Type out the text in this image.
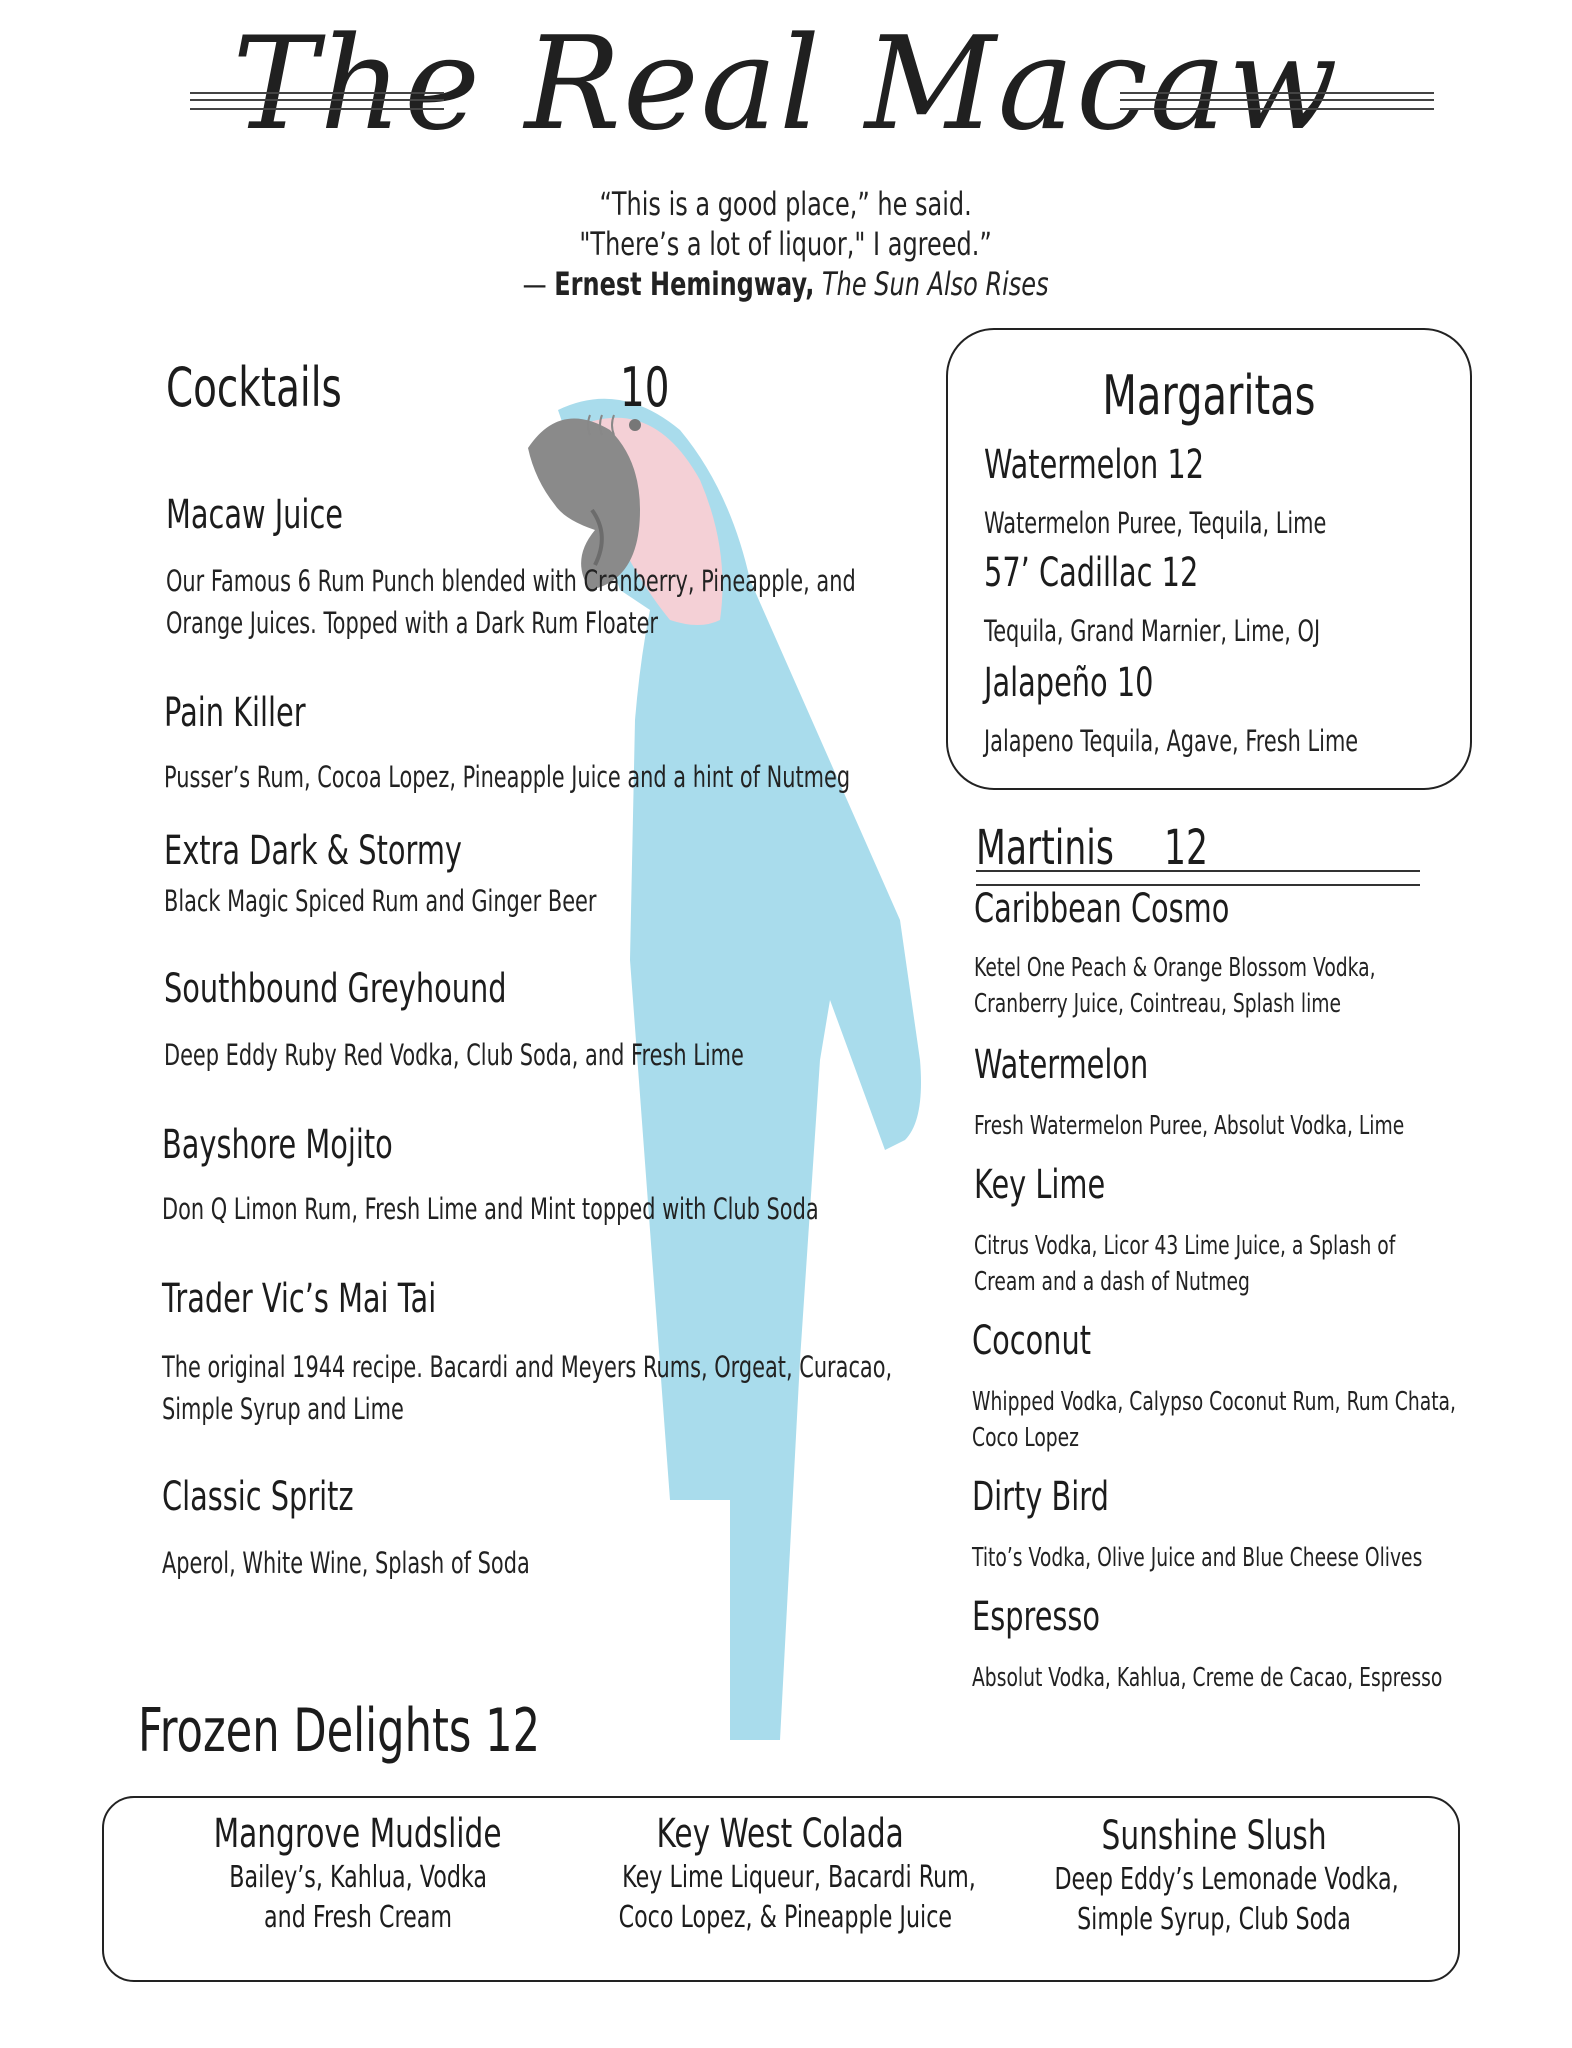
The Real Macaw
“This is a good place,” he said.
"There’s a lot of liquor," I agreed.”
— Ernest Hemingway, The Sun Also Rises
Cocktails	10
Macaw Juice
Our Famous 6 Rum Punch blended with Cranberry, Pineapple, and
Orange Juices. Topped with a Dark Rum Floater
Pain Killer
Pusser’s Rum, Cocoa Lopez, Pineapple Juice and a hint of Nutmeg
Extra Dark & Stormy
Black Magic Spiced Rum and Ginger Beer
Southbound Greyhound
Deep Eddy Ruby Red Vodka, Club Soda, and Fresh Lime
Bayshore Mojito
Don Q Limon Rum, Fresh Lime and Mint topped with Club Soda
Trader Vic’s Mai Tai
The original 1944 recipe. Bacardi and Meyers Rums, Orgeat, Curacao,
Simple Syrup and Lime
Classic Spritz
Aperol, White Wine, Splash of Soda
Margaritas
Watermelon 12
Watermelon Puree, Tequila, Lime
57’ Cadillac 12
Tequila, Grand Marnier, Lime, OJ
Jalapeño 10
Jalapeno Tequila, Agave, Fresh Lime
Martinis 12
Caribbean Cosmo
Ketel One Peach & Orange Blossom Vodka,
Cranberry Juice, Cointreau, Splash lime
Watermelon
Fresh Watermelon Puree, Absolut Vodka, Lime
Key Lime
Citrus Vodka, Licor 43 Lime Juice, a Splash of
Cream and a dash of Nutmeg
Coconut
Whipped Vodka, Calypso Coconut Rum, Rum Chata,
Coco Lopez
Dirty Bird
Tito’s Vodka, Olive Juice and Blue Cheese Olives
Espresso
Absolut Vodka, Kahlua, Creme de Cacao, Espresso
Frozen Delights 12
Mangrove Mudslide
Bailey’s, Kahlua, Vodka
and Fresh Cream
Key West Colada
Key Lime Liqueur, Bacardi Rum,
Coco Lopez, & Pineapple Juice
Sunshine Slush
Deep Eddy’s Lemonade Vodka,
Simple Syrup, Club Soda
